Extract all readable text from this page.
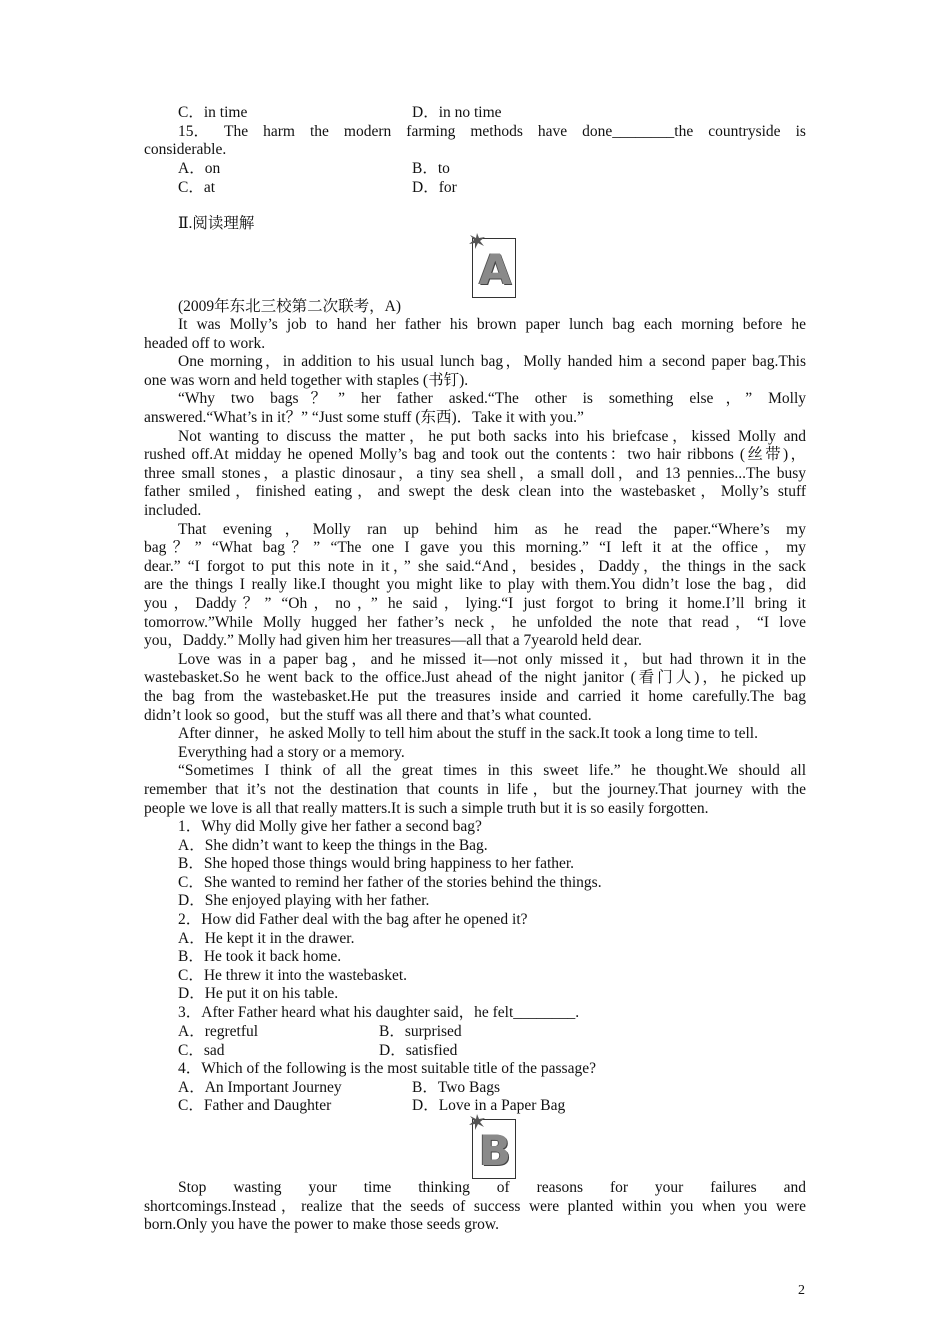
C．in time	D．in no time
15． The harm the modern farming methods have done________the countryside is
considerable.
A．on	B．to
C．at	D．for
Ⅱ.阅读理解
A
(2009年东北三校第二次联考，A)
It was Molly’s job to hand her father his brown paper lunch bag each morning before he
headed off to work.
One morning，in addition to his usual lunch bag，Molly handed him a second paper bag.This
one was worn and held together with staples (书钉).
“Why two bags？” her father asked.“The other is something else，” Molly
answered.“What’s in it？” “Just some stuff (东西)．Take it with you.”
Not wanting to discuss the matter，he put both sacks into his briefcase，kissed Molly and
rushed off.At midday he opened Molly’s bag and took out the contents：two hair ribbons (丝带)，
three small stones，a plastic dinosaur，a tiny sea shell，a small doll，and 13 pennies...The busy
father smiled，finished eating，and swept the desk clean into the wastebasket，Molly’s stuff
included.
That evening，Molly ran up behind him as he read the paper.“Where’s my
bag？” “What bag？” “The one I gave you this morning.” “I left it at the office，my
dear.” “I forgot to put this note in it，” she said.“And，besides，Daddy，the things in the sack
are the things I really like.I thought you might like to play with them.You didn’t lose the bag，did
you，Daddy？” “Oh，no，” he said，lying.“I just forgot to bring it home.I’ll bring it
tomorrow.”While Molly hugged her father’s neck，he unfolded the note that read，“I love
you，Daddy.” Molly had given him her treasures—all that a 7yearold held dear.
Love was in a paper bag，and he missed it—not only missed it，but had thrown it in the
wastebasket.So he went back to the office.Just ahead of the night janitor (看门人)，he picked up
the bag from the wastebasket.He put the treasures inside and carried it home carefully.The bag
didn’t look so good，but the stuff was all there and that’s what counted.
After dinner，he asked Molly to tell him about the stuff in the sack.It took a long time to tell.
Everything had a story or a memory.
“Sometimes I think of all the great times in this sweet life.” he thought.We should all
remember that it’s not the destination that counts in life，but the journey.That journey with the
people we love is all that really matters.It is such a simple truth but it is so easily forgotten.
1．Why did Molly give her father a second bag?
A．She didn’t want to keep the things in the Bag.
B．She hoped those things would bring happiness to her father.
C．She wanted to remind her father of the stories behind the things.
D．She enjoyed playing with her father.
2．How did Father deal with the bag after he opened it?
A．He kept it in the drawer.
B．He took it back home.
C．He threw it into the wastebasket.
D．He put it on his table.
3．After Father heard what his daughter said，he felt________.
A．regretful	B．surprised
C．sad	D．satisfied
4．Which of the following is the most suitable title of the passage?
A．An Important Journey	B．Two Bags
C．Father and Daughter	D．Love in a Paper Bag
B
Stop wasting your time thinking of reasons for your failures and
shortcomings.Instead，realize that the seeds of success were planted within you when you were
born.Only you have the power to make those seeds grow.
2
